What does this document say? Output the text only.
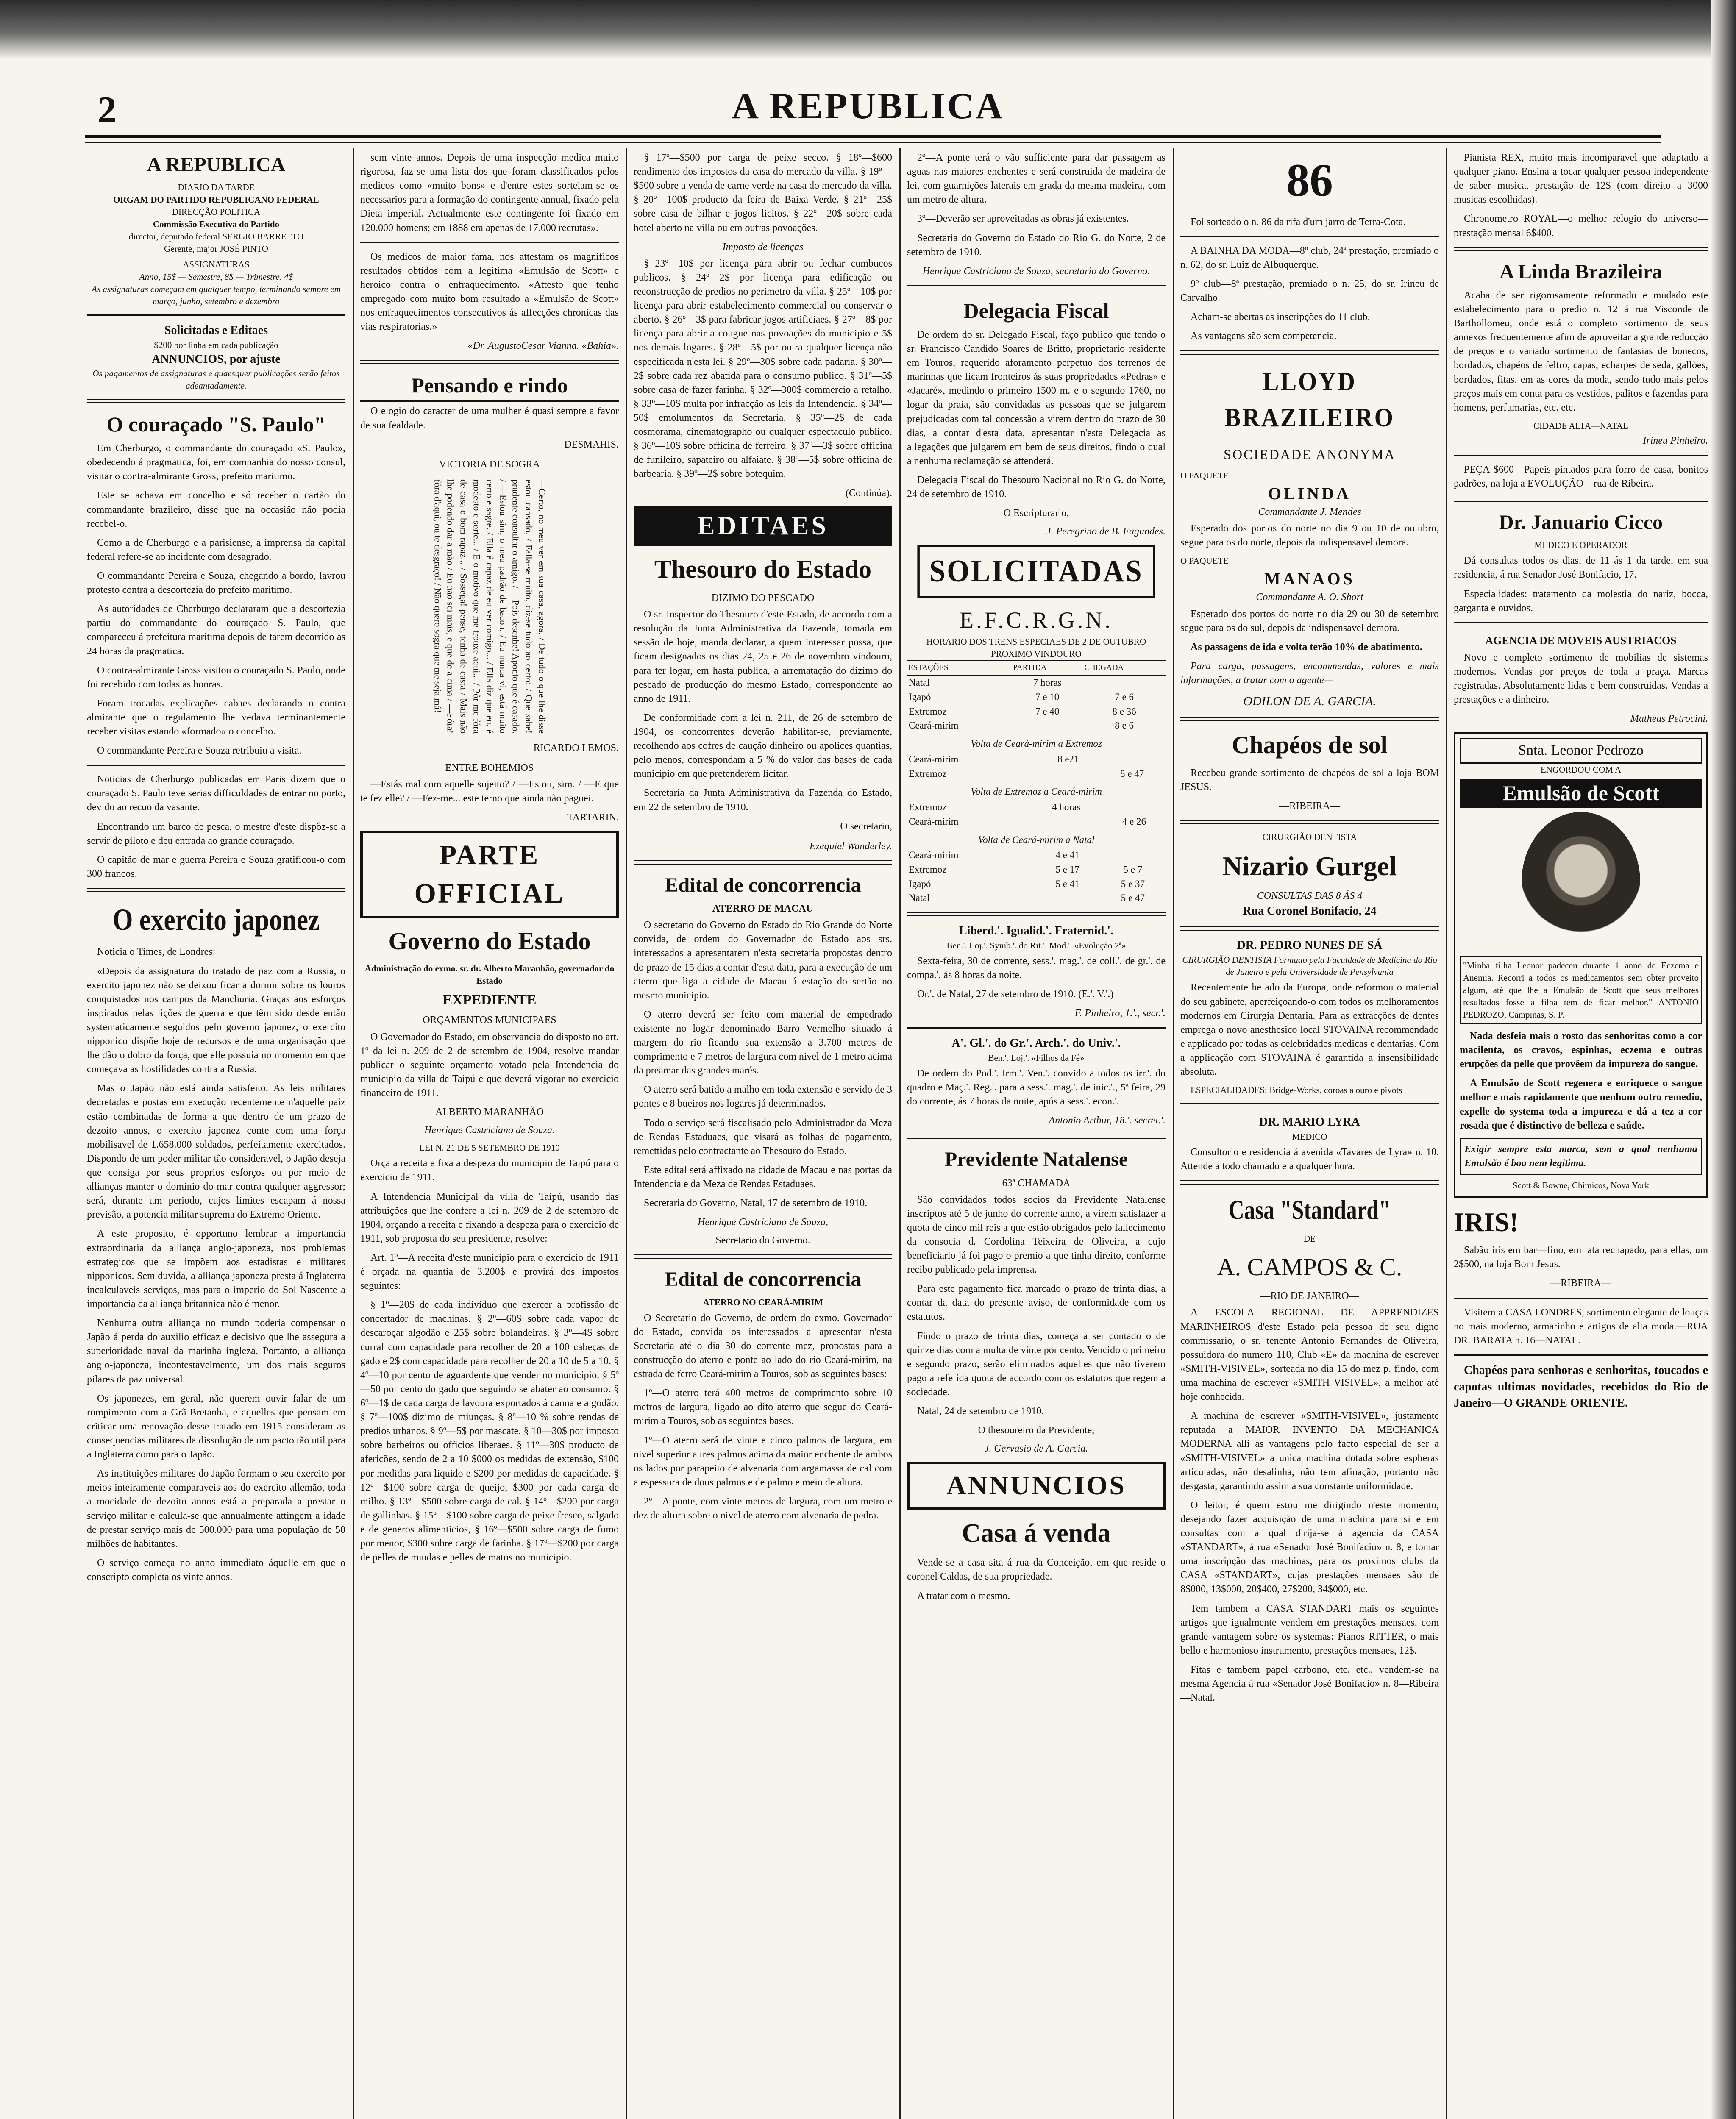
2	A REPUBLICA
A REPUBLICA
DIARIO DA TARDE
ORGAM DO PARTIDO REPUBLICANO FEDERAL
DIRECÇÃO POLITICA
Commissão Executiva do Partido
director, deputado federal SERGIO BARRETTO
Gerente, major JOSÉ PINTO
ASSIGNATURAS
Anno, 15$ — Semestre, 8$ — Trimestre, 4$
As assignaturas começam em qualquer tempo, terminando sempre em março, junho, setembro e dezembro
Solicitadas e Editaes
$200 por linha em cada publicação
ANNUNCIOS, por ajuste
Os pagamentos de assignaturas e quaesquer publicações serão feitos adeantadamente.
O couraçado "S. Paulo"

Em Cherburgo, o commandante do couraçado «S. Paulo», obedecendo á pragmatica, foi, em companhia do nosso consul, visitar o contra-almirante Gross, prefeito maritimo.

Este se achava em concelho e só receber o cartão do commandante brazileiro, disse que na occasião não podia recebel-o.

Como a de Cherburgo e a parisiense, a imprensa da capital federal refere-se ao incidente com desagrado.

O commandante Pereira e Souza, chegando a bordo, lavrou protesto contra a descortezia do prefeito maritimo.

As autoridades de Cherburgo declararam que a descortezia partiu do commandante do couraçado S. Paulo, que compareceu á prefeitura maritima depois de tarem decorrido as 24 horas da pragmatica.

O contra-almirante Gross visitou o couraçado S. Paulo, onde foi recebido com todas as honras.

Foram trocadas explicações cabaes declarando o contra almirante que o regulamento lhe vedava terminantemente receber visitas estando «formado» o concelho.

O commandante Pereira e Souza retribuiu a visita.

Noticias de Cherburgo publicadas em Paris dizem que o couraçado S. Paulo teve serias difficuldades de entrar no porto, devido ao recuo da vasante.

Encontrando um barco de pesca, o mestre d'este dispôz-se a servir de piloto e deu entrada ao grande couraçado.

O capitão de mar e guerra Pereira e Souza gratificou-o com 300 francos.

O exercito japonez

Noticia o Times, de Londres:

«Depois da assignatura do tratado de paz com a Russia, o exercito japonez não se deixou ficar a dormir sobre os louros conquistados nos campos da Manchuria. Graças aos esforços inspirados pelas lições de guerra e que têm sido desde então systematicamente seguidos pelo governo japonez, o exercito nipponico dispõe hoje de recursos e de uma organisação que lhe dão o dobro da força, que elle possuia no momento em que começava as hostilidades contra a Russia.

Mas o Japão não está ainda satisfeito. As leis militares decretadas e postas em execução recentemente n'aquelle paiz estão combinadas de forma a que dentro de um prazo de dezoito annos, o exercito japonez conte com uma força mobilisavel de 1.658.000 soldados, perfeitamente exercitados. Dispondo de um poder militar tão consideravel, o Japão deseja que consiga por seus proprios esforços ou por meio de allianças manter o dominio do mar contra qualquer aggressor; será, durante um periodo, cujos limites escapam á nossa previsão, a potencia militar suprema do Extremo Oriente.

A este proposito, é opportuno lembrar a importancia extraordinaria da alliança anglo-japoneza, nos problemas estrategicos que se impõem aos estadistas e militares nipponicos. Sem duvida, a alliança japoneza presta á Inglaterra incalculaveis serviços, mas para o imperio do Sol Nascente a importancia da alliança britannica não é menor.

Nenhuma outra alliança no mundo poderia compensar o Japão á perda do auxilio efficaz e decisivo que lhe assegura a superioridade naval da marinha ingleza. Portanto, a alliança anglo-japoneza, incontestavelmente, um dos mais seguros pilares da paz universal.

Os japonezes, em geral, não querem ouvir falar de um rompimento com a Grã-Bretanha, e aquelles que pensam em criticar uma renovação desse tratado em 1915 consideram as consequencias militares da dissolução de um pacto tão util para a Inglaterra como para o Japão.

As instituições militares do Japão formam o seu exercito por meios inteiramente comparaveis aos do exercito allemão, toda a mocidade de dezoito annos está a preparada a prestar o serviço militar e calcula-se que annualmente attingem a idade de prestar serviço mais de 500.000 para uma população de 50 milhões de habitantes.

O serviço começa no anno immediato áquelle em que o conscripto completa os vinte annos.

sem vinte annos. Depois de uma inspecção medica muito rigorosa, faz-se uma lista dos que foram classificados pelos medicos como «muito bons» e d'entre estes sorteiam-se os necessarios para a formação do contingente annual, fixado pela Dieta imperial. Actualmente este contingente foi fixado em 120.000 homens; em 1888 era apenas de 17.000 recrutas».

Os medicos de maior fama, nos attestam os magnificos resultados obtidos com a legitima «Emulsão de Scott» e heroico contra o enfraquecimento. «Attesto que tenho empregado com muito bom resultado a «Emulsão de Scott» nos enfraquecimentos consecutivos ás affecções chronicas das vias respiratorias.»

«Dr. AugustoCesar Vianna. «Bahia».
Pensando e rindo

O elogio do caracter de uma mulher é quasi sempre a favor de sua fealdade.

DESMAHIS.
VICTORIA DE SOGRA
—Certo, no meu ver em sua casa, agora, / De tudo o que lhe disse estou cansado, / Falla-se muito, diz-se tudo ao certo: / Que sabe! prudente consultar o amigo. / —Pois desenhe! Aponto que é casado. / —Estou sim, o meu padrão de bacon, / Eu nunca vi, está muito certo e sagre. / Ella é capaz de eu ver comigo... / Ella diz que eu, é modesto e sorte... / E o motivo que me trouxe aqui... / Pôr-me fóra de casa o bom rapaz... / Sossega! pense, tenha de casta / Mais não lhe podendo dar a mão / Eu não sei mais, e que de a cima / —Fóra! fóra d'aqui, ou te desgraço! / Não quero sogra que me seja má!
RICARDO LEMOS.
ENTRE BOHEMIOS

—Estás mal com aquelle sujeito? / —Estou, sim. / —E que te fez elle? / —Fez-me... este terno que ainda não paguei.

TARTARIN.
PARTE OFFICIAL
Governo do Estado
Administração do exmo. sr. dr. Alberto Maranhão, governador do Estado
EXPEDIENTE
ORÇAMENTOS MUNICIPAES

O Governador do Estado, em observancia do disposto no art. 1º da lei n. 209 de 2 de setembro de 1904, resolve mandar publicar o seguinte orçamento votado pela Intendencia do municipio da villa de Taipú e que deverá vigorar no exercicio financeiro de 1911.

ALBERTO MARANHÃO
Henrique Castriciano de Souza.
LEI N. 21 DE 5 SETEMBRO DE 1910

Orça a receita e fixa a despeza do municipio de Taipú para o exercicio de 1911.

A Intendencia Municipal da villa de Taipú, usando das attribuições que lhe confere a lei n. 209 de 2 de setembro de 1904, orçando a receita e fixando a despeza para o exercicio de 1911, sob proposta do seu presidente, resolve:

Art. 1º—A receita d'este municipio para o exercicio de 1911 é orçada na quantia de 3.200$ e provirá dos impostos seguintes:

§ 1º—20$ de cada individuo que exercer a profissão de concertador de machinas. § 2º—60$ sobre cada vapor de descaroçar algodão e 25$ sobre bolandeiras. § 3º—4$ sobre curral com capacidade para recolher de 20 a 100 cabeças de gado e 2$ com capacidade para recolher de 20 a 10 de 5 a 10. § 4º—10 por cento de aguardente que vender no municipio. § 5º—50 por cento do gado que seguindo se abater ao consumo. § 6º—1$ de cada carga de lavoura exportados á canna e algodão. § 7º—100$ dizimo de miunças. § 8º—10 % sobre rendas de predios urbanos. § 9º—5$ por mascate. § 10—30$ por imposto sobre barbeiros ou officios liberaes. § 11º—30$ producto de afericões, sendo de 2 a 10 $000 os medidas de extensão, $100 por medidas para liquido e $200 por medidas de capacidade. § 12º—$100 sobre carga de queijo, $300 por cada carga de milho. § 13º—$500 sobre carga de cal. § 14º—$200 por carga de gallinhas. § 15º—$100 sobre carga de peixe fresco, salgado e de generos alimenticios, § 16º—$500 sobre carga de fumo por menor, $300 sobre carga de farinha. § 17º—$200 por carga de pelles de miudas e pelles de matos no municipio.

§ 17º—$500 por carga de peixe secco. § 18º—$600 rendimento dos impostos da casa do mercado da villa. § 19º—$500 sobre a venda de carne verde na casa do mercado da villa. § 20º—100$ producto da feira de Baixa Verde. § 21º—25$ sobre casa de bilhar e jogos licitos. § 22º—20$ sobre cada hotel aberto na villa ou em outras povoações.

Imposto de licenças

§ 23º—10$ por licença para abrir ou fechar cumbucos publicos. § 24º—2$ por licença para edificação ou reconstrucção de predios no perimetro da villa. § 25º—10$ por licença para abrir estabelecimento commercial ou conservar o aberto. § 26º—3$ para fabricar jogos artificiaes. § 27º—8$ por licença para abrir a cougue nas povoações do municipio e 5$ nos demais logares. § 28º—5$ por outra qualquer licença não especificada n'esta lei. § 29º—30$ sobre cada padaria. § 30º—2$ sobre cada rez abatida para o consumo publico. § 31º—5$ sobre casa de fazer farinha. § 32º—300$ commercio a retalho. § 33º—10$ multa por infracção as leis da Intendencia. § 34º—50$ emolumentos da Secretaria. § 35º—2$ de cada cosmorama, cinematographo ou qualquer espectaculo publico. § 36º—10$ sobre officina de ferreiro. § 37º—3$ sobre officina de funileiro, sapateiro ou alfaiate. § 38º—5$ sobre officina de barbearia. § 39º—2$ sobre botequim.

(Continúa).
EDITAES
Thesouro do Estado
DIZIMO DO PESCADO

O sr. Inspector do Thesouro d'este Estado, de accordo com a resolução da Junta Administrativa da Fazenda, tomada em sessão de hoje, manda declarar, a quem interessar possa, que ficam designados os dias 24, 25 e 26 de novembro vindouro, para ter logar, em hasta publica, a arrematação do dizimo do pescado de producção do mesmo Estado, correspondente ao anno de 1911.

De conformidade com a lei n. 211, de 26 de setembro de 1904, os concorrentes deverão habilitar-se, previamente, recolhendo aos cofres de caução dinheiro ou apolices quantias, pelo menos, correspondam a 5 % do valor das bases de cada municipio em que pretenderem licitar.

Secretaria da Junta Administrativa da Fazenda do Estado, em 22 de setembro de 1910.

O secretario,
Ezequiel Wanderley.
Edital de concorrencia
ATERRO DE MACAU

O secretario do Governo do Estado do Rio Grande do Norte convida, de ordem do Governador do Estado aos srs. interessados a apresentarem n'esta secretaria propostas dentro do prazo de 15 dias a contar d'esta data, para a execução de um aterro que liga a cidade de Macau á estação do sertão no mesmo municipio.

O aterro deverá ser feito com material de empedrado existente no logar denominado Barro Vermelho situado á margem do rio ficando sua extensão a 3.700 metros de comprimento e 7 metros de largura com nivel de 1 metro acima da preamar das grandes marés.

O aterro será batido a malho em toda extensão e servido de 3 pontes e 8 bueiros nos logares já determinados.

Todo o serviço será fiscalisado pelo Administrador da Meza de Rendas Estaduaes, que visará as folhas de pagamento, remettidas pelo contractante ao Thesouro do Estado.

Este edital será affixado na cidade de Macau e nas portas da Intendencia e da Meza de Rendas Estaduaes.

Secretaria do Governo, Natal, 17 de setembro de 1910.

Henrique Castriciano de Souza,
Secretario do Governo.
Edital de concorrencia
ATERRO NO CEARÁ-MIRIM

O Secretario do Governo, de ordem do exmo. Governador do Estado, convida os interessados a apresentar n'esta Secretaria até o dia 30 do corrente mez, propostas para a construcção do aterro e ponte ao lado do rio Ceará-mirim, na estrada de ferro Ceará-mirim a Touros, sob as seguintes bases:

1º—O aterro terá 400 metros de comprimento sobre 10 metros de largura, ligado ao dito aterro que segue do Ceará-mirim a Touros, sob as seguintes bases.

1º—O aterro será de vinte e cinco palmos de largura, em nivel superior a tres palmos acima da maior enchente de ambos os lados por parapeito de alvenaria com argamassa de cal com a espessura de dous palmos e de palmo e meio de altura.

2º—A ponte, com vinte metros de largura, com um metro e dez de altura sobre o nivel de aterro com alvenaria de pedra.

2º—A ponte terá o vão sufficiente para dar passagem as aguas nas maiores enchentes e será construida de madeira de lei, com guarnições laterais em grada da mesma madeira, com um metro de altura.

3º—Deverão ser aproveitadas as obras já existentes.

Secretaria do Governo do Estado do Rio G. do Norte, 2 de setembro de 1910.

Henrique Castriciano de Souza, secretario do Governo.
Delegacia Fiscal

De ordem do sr. Delegado Fiscal, faço publico que tendo o sr. Francisco Candido Soares de Britto, proprietario residente em Touros, requerido aforamento perpetuo dos terrenos de marinhas que ficam fronteiros ás suas propriedades «Pedras» e «Jacaré», medindo o primeiro 1500 m. e o segundo 1760, no logar da praia, são convidadas as pessoas que se julgarem prejudicadas com tal concessão a virem dentro do prazo de 30 dias, a contar d'esta data, apresentar n'esta Delegacia as allegações que julgarem em bem de seus direitos, findo o qual a nenhuma reclamação se attenderá.

Delegacia Fiscal do Thesouro Nacional no Rio G. do Norte, 24 de setembro de 1910.

O Escripturario,
J. Peregrino de B. Fagundes.
SOLICITADAS
E.F.C.R.G.N.
HORARIO DOS TRENS ESPECIAES DE 2 DE OUTUBRO PROXIMO VINDOURO
ESTAÇÕES	PARTIDA	CHEGADA
Natal	7 horas	
Igapó	7 e 10	7 e 6
Extremoz	7 e 40	8 e 36
Ceará-mirim		8 e 6
Volta de Ceará-mirim a Extremoz
Ceará-mirim	8 e21	
Extremoz		8 e 47
Volta de Extremoz a Ceará-mirim
Extremoz	4 horas	
Ceará-mirim		4 e 26
Volta de Ceará-mirim a Natal
Ceará-mirim	4 e 41	
Extremoz	5 e 17	5 e 7
Igapó	5 e 41	5 e 37
Natal		5 e 47
Liberd.'. Igualid.'. Fraternid.'.
Ben.'. Loj.'. Symb.'. do Rit.'. Mod.'. «Evolução 2ª»

Sexta-feira, 30 de corrente, sess.'. mag.'. de coll.'. de gr.'. de compa.'. ás 8 horas da noite.

Or.'. de Natal, 27 de setembro de 1910. (E.'. V.'.)

F. Pinheiro, 1.'., secr.'.
A'. Gl.'. do Gr.'. Arch.'. do Univ.'.
Ben.'. Loj.'. «Filhos da Fé»

De ordem do Pod.'. Irm.'. Ven.'. convido a todos os irr.'. do quadro e Maç.'. Reg.'. para a sess.'. mag.'. de inic.'., 5ª feira, 29 do corrente, ás 7 horas da noite, após a sess.'. econ.'.

Antonio Arthur, 18.'. secret.'.
Previdente Natalense
63ª CHAMADA

São convidados todos socios da Previdente Natalense inscriptos até 5 de junho do corrente anno, a virem satisfazer a quota de cinco mil reis a que estão obrigados pelo fallecimento da consocia d. Cordolina Teixeira de Oliveira, a cujo beneficiario já foi pago o premio a que tinha direito, conforme recibo publicado pela imprensa.

Para este pagamento fica marcado o prazo de trinta dias, a contar da data do presente aviso, de conformidade com os estatutos.

Findo o prazo de trinta dias, começa a ser contado o de quinze dias com a multa de vinte por cento. Vencido o primeiro e segundo prazo, serão eliminados aquelles que não tiverem pago a referida quota de accordo com os estatutos que regem a sociedade.

Natal, 24 de setembro de 1910.

O thesoureiro da Previdente,
J. Gervasio de A. Garcia.
ANNUNCIOS
Casa á venda

Vende-se a casa sita á rua da Conceição, em que reside o coronel Caldas, de sua propriedade.

A tratar com o mesmo.

86

Foi sorteado o n. 86 da rifa d'um jarro de Terra-Cota.

A BAINHA DA MODA—8º club, 24ª prestação, premiado o n. 62, do sr. Luiz de Albuquerque.

9º club—8ª prestação, premiado o n. 25, do sr. Irineu de Carvalho.

Acham-se abertas as inscripções do 11 club.

As vantagens são sem competencia.

LLOYD BRAZILEIRO
SOCIEDADE ANONYMA
O PAQUETE
OLINDA
Commandante J. Mendes

Esperado dos portos do norte no dia 9 ou 10 de outubro, segue para os do norte, depois da indispensavel demora.

O PAQUETE
MANAOS
Commandante A. O. Short

Esperado dos portos do norte no dia 29 ou 30 de setembro segue para os do sul, depois da indispensavel demora.

As passagens de ida e volta terão 10% de abatimento.

Para carga, passagens, encommendas, valores e mais informações, a tratar com o agente—

ODILON DE A. GARCIA.
Chapéos de sol

Recebeu grande sortimento de chapéos de sol a loja BOM JESUS.

—RIBEIRA—
CIRURGIÃO DENTISTA
Nizario Gurgel
CONSULTAS DAS 8 ÁS 4
Rua Coronel Bonifacio, 24
DR. PEDRO NUNES DE SÁ
CIRURGIÃO DENTISTA Formado pela Faculdade de Medicina do Rio de Janeiro e pela Universidade de Pensylvania

Recentemente he ado da Europa, onde reformou o material do seu gabinete, aperfeiçoando-o com todos os melhoramentos modernos em Cirurgia Dentaria. Para as extracções de dentes emprega o novo anesthesico local STOVAINA recommendado e applicado por todas as celebridades medicas e dentarias. Com a applicação com STOVAINA é garantida a insensibilidade absoluta.

ESPECIALIDADES: Bridge-Works, coroas a ouro e pivots

DR. MARIO LYRA
MEDICO

Consultorio e residencia á avenida «Tavares de Lyra» n. 10. Attende a todo chamado e a qualquer hora.

Casa "Standard"
DE
A. CAMPOS & C.
—RIO DE JANEIRO—

A ESCOLA REGIONAL DE APPRENDIZES MARINHEIROS d'este Estado pela pessoa de seu digno commissario, o sr. tenente Antonio Fernandes de Oliveira, possuidora do numero 110, Club «E» da machina de escrever «SMITH-VISIVEL», sorteada no dia 15 do mez p. findo, com uma machina de escrever «SMITH VISIVEL», a melhor até hoje conhecida.

A machina de escrever «SMITH-VISIVEL», justamente reputada a MAIOR INVENTO DA MECHANICA MODERNA alli as vantagens pelo facto especial de ser a «SMITH-VISIVEL» a unica machina dotada sobre espheras articuladas, não desalinha, não tem afinação, portanto não desgasta, garantindo assim a sua constante uniformidade.

O leitor, é quem estou me dirigindo n'este momento, desejando fazer acquisição de uma machina para si e em consultas com a qual dirija-se á agencia da CASA «STANDART», á rua «Senador José Bonifacio» n. 8, e tomar uma inscripção das machinas, para os proximos clubs da CASA «STANDART», cujas prestações mensaes são de 8$000, 13$000, 20$400, 27$200, 34$000, etc.

Tem tambem a CASA STANDART mais os seguintes artigos que igualmente vendem em prestações mensaes, com grande vantagem sobre os systemas: Pianos RITTER, o mais bello e harmonioso instrumento, prestações mensaes, 12$.

Fitas e tambem papel carbono, etc. etc., vendem-se na mesma Agencia á rua «Senador José Bonifacio» n. 8—Ribeira—Natal.

Pianista REX, muito mais incomparavel que adaptado a qualquer piano. Ensina a tocar qualquer pessoa independente de saber musica, prestação de 12$ (com direito a 3000 musicas escolhidas).

Chronometro ROYAL—o melhor relogio do universo—prestação mensal 6$400.

A Linda Brazileira

Acaba de ser rigorosamente reformado e mudado este estabelecimento para o predio n. 12 á rua Visconde de Barthollomeu, onde está o completo sortimento de seus annexos frequentemente afim de aproveitar a grande reducção de preços e o variado sortimento de fantasias de bonecos, bordados, chapéos de feltro, capas, echarpes de seda, gallões, bordados, fitas, em as cores da moda, sendo tudo mais pelos preços mais em conta para os vestidos, palitos e fazendas para homens, perfumarias, etc. etc.

CIDADE ALTA—NATAL
Irineu Pinheiro.

PEÇA $600—Papeis pintados para forro de casa, bonitos padrões, na loja a EVOLUÇÃO—rua de Ribeira.

Dr. Januario Cicco
MEDICO E OPERADOR

Dá consultas todos os dias, de 11 ás 1 da tarde, em sua residencia, á rua Senador José Bonifacio, 17.

Especialidades: tratamento da molestia do nariz, bocca, garganta e ouvidos.

AGENCIA DE MOVEIS AUSTRIACOS

Novo e completo sortimento de mobilias de sistemas modernos. Vendas por preços de toda a praça. Marcas registradas. Absolutamente lidas e bem construidas. Vendas a prestações e a dinheiro.

Matheus Petrocini.
Snta. Leonor Pedrozo
ENGORDOU COM A
Emulsão de Scott

"Minha filha Leonor padeceu durante 1 anno de Eczema e Anemia. Recorri a todos os medicamentos sem obter proveito algum, até que lhe a Emulsão de Scott que seus melhores resultados fosse a filha tem de ficar melhor." ANTONIO PEDROZO, Campinas, S. P.

Nada desfeia mais o rosto das senhoritas como a cor macilenta, os cravos, espinhas, eczema e outras erupções da pelle que provêem da impureza do sangue.

A Emulsão de Scott regenera e enriquece o sangue melhor e mais rapidamente que nenhum outro remedio, expelle do systema toda a impureza e dá a tez a cor rosada que é distinctivo de belleza e saúde.

Exigir sempre esta marca, sem a qual nenhuma Emulsão é boa nem legitima.
Scott & Bowne, Chimicos, Nova York
IRIS!

Sabão iris em bar—fino, em lata rechapado, para ellas, um 2$500, na loja Bom Jesus.

—RIBEIRA—

Visitem a CASA LONDRES, sortimento elegante de louças no mais moderno, armarinho e artigos de alta moda.—RUA DR. BARATA n. 16—NATAL.

Chapéos para senhoras e senhoritas, toucados e capotas ultimas novidades, recebidos do Rio de Janeiro—O GRANDE ORIENTE.
